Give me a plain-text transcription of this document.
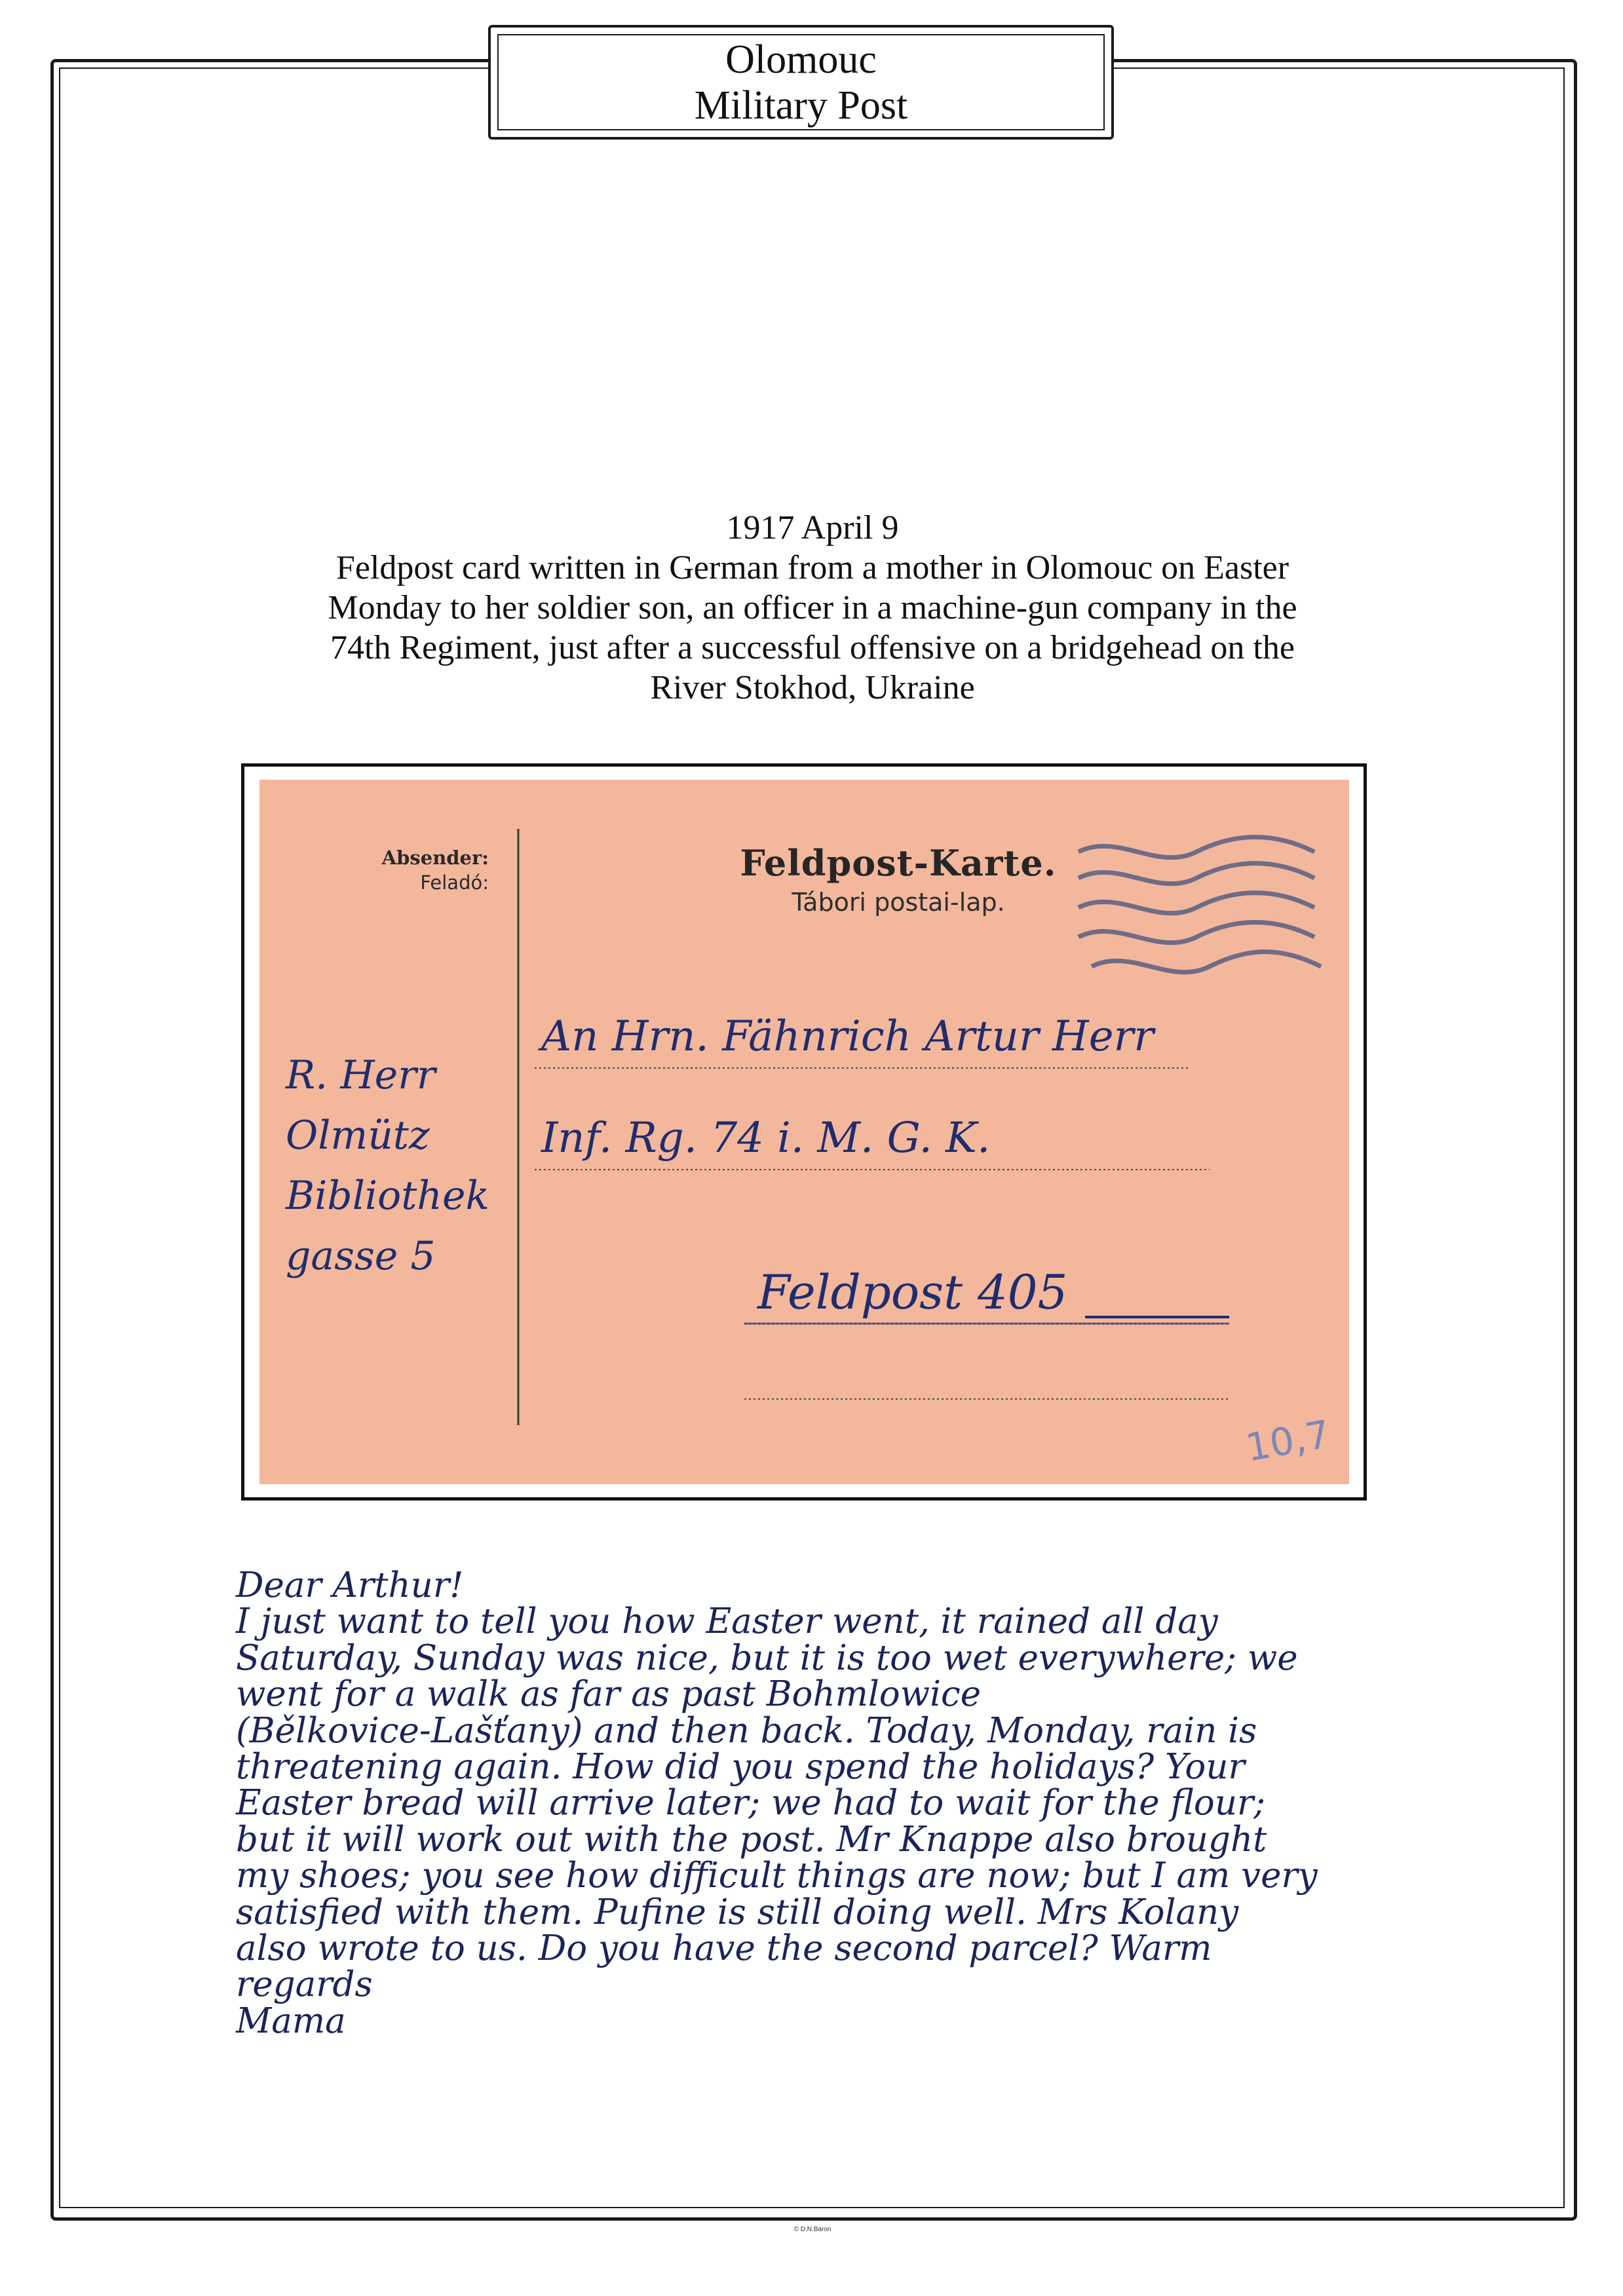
Olomouc
Military Post
1917 April 9
Feldpost card written in German from a mother in Olomouc on Easter
Monday to her soldier son, an officer in a machine-gun company in the
74th Regiment, just after a successful offensive on a bridgehead on the
River Stokhod, Ukraine
Absender:
Feladó:	Feldpost-Karte.
Tábori postai-lap.
R. Herr
Olmütz
Bibliothek
gasse 5
An Hrn. Fähnrich Artur Herr
Inf. Rg. 74 i. M. G. K.
Feldpost 405
10,7
Dear Arthur!
I just want to tell you how Easter went, it rained all day
Saturday, Sunday was nice, but it is too wet everywhere; we
went for a walk as far as past Bohmlowice
(Bělkovice-Lašťany) and then back. Today, Monday, rain is
threatening again. How did you spend the holidays? Your
Easter bread will arrive later; we had to wait for the flour;
but it will work out with the post. Mr Knappe also brought
my shoes; you see how difficult things are now; but I am very
satisfied with them. Pufine is still doing well. Mrs Kolany
also wrote to us. Do you have the second parcel? Warm
regards
Mama
© D.N.Baron
